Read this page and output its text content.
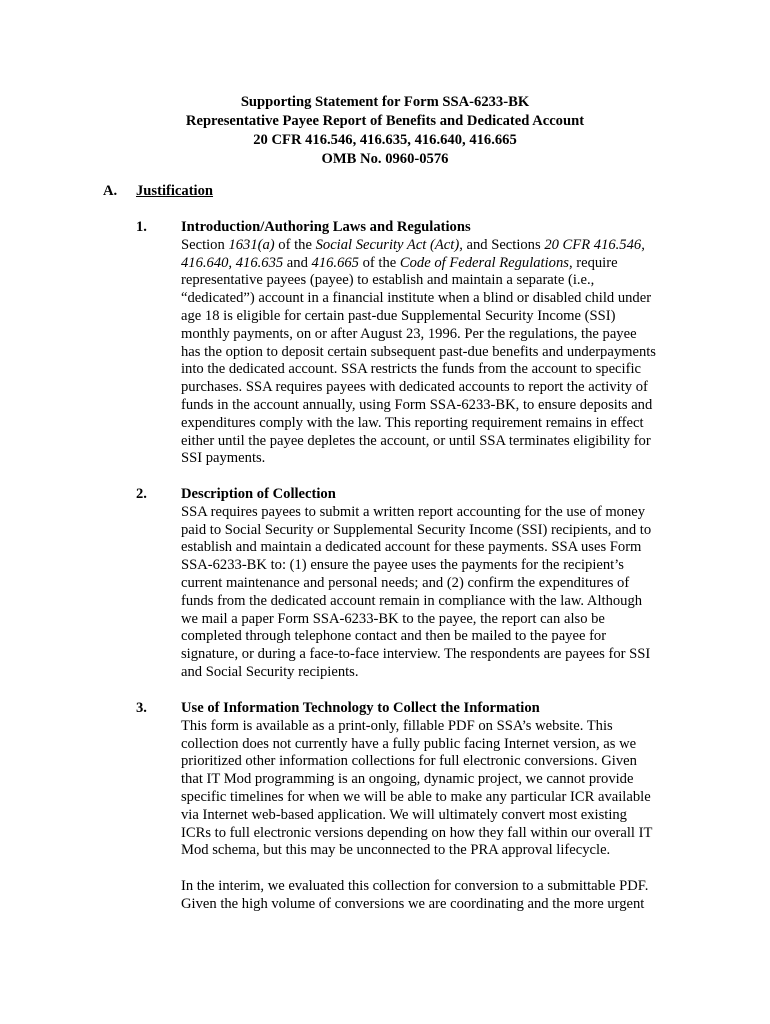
Supporting Statement for Form SSA-6233-BK
Representative Payee Report of Benefits and Dedicated Account
20 CFR 416.546, 416.635, 416.640, 416.665
OMB No. 0960-0576
A. Justification
1. Introduction/Authoring Laws and Regulations
Section 1631(a) of the Social Security Act (Act), and Sections 20 CFR 416.546,
416.640, 416.635 and 416.665 of the Code of Federal Regulations, require
representative payees (payee) to establish and maintain a separate (i.e.,
“dedicated”) account in a financial institute when a blind or disabled child under
age 18 is eligible for certain past-due Supplemental Security Income (SSI)
monthly payments, on or after August 23, 1996. Per the regulations, the payee
has the option to deposit certain subsequent past-due benefits and underpayments
into the dedicated account. SSA restricts the funds from the account to specific
purchases. SSA requires payees with dedicated accounts to report the activity of
funds in the account annually, using Form SSA-6233-BK, to ensure deposits and
expenditures comply with the law. This reporting requirement remains in effect
either until the payee depletes the account, or until SSA terminates eligibility for
SSI payments.
2. Description of Collection
SSA requires payees to submit a written report accounting for the use of money
paid to Social Security or Supplemental Security Income (SSI) recipients, and to
establish and maintain a dedicated account for these payments. SSA uses Form
SSA-6233-BK to: (1) ensure the payee uses the payments for the recipient’s
current maintenance and personal needs; and (2) confirm the expenditures of
funds from the dedicated account remain in compliance with the law. Although
we mail a paper Form SSA-6233-BK to the payee, the report can also be
completed through telephone contact and then be mailed to the payee for
signature, or during a face-to-face interview. The respondents are payees for SSI
and Social Security recipients.
3. Use of Information Technology to Collect the Information
This form is available as a print-only, fillable PDF on SSA’s website. This
collection does not currently have a fully public facing Internet version, as we
prioritized other information collections for full electronic conversions. Given
that IT Mod programming is an ongoing, dynamic project, we cannot provide
specific timelines for when we will be able to make any particular ICR available
via Internet web-based application. We will ultimately convert most existing
ICRs to full electronic versions depending on how they fall within our overall IT
Mod schema, but this may be unconnected to the PRA approval lifecycle.
In the interim, we evaluated this collection for conversion to a submittable PDF.
Given the high volume of conversions we are coordinating and the more urgent
